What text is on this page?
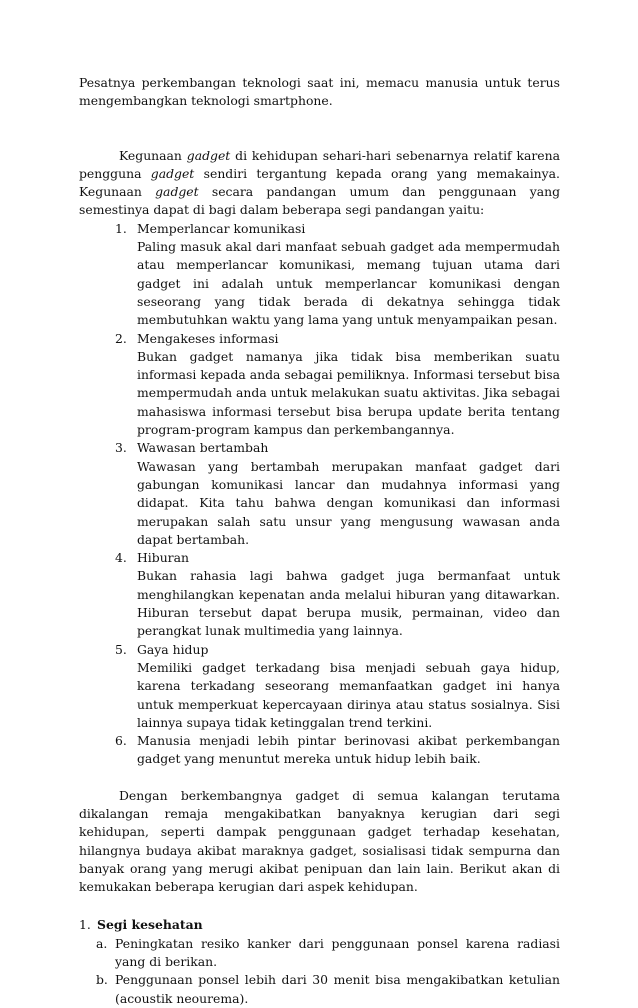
Pesatnya perkembangan teknologi saat ini, memacu manusia untuk terus mengembangkan teknologi smartphone.

Kegunaan gadget di kehidupan sehari-hari sebenarnya relatif karena pengguna gadget sendiri tergantung kepada orang yang memakainya. Kegunaan gadget secara pandangan umum dan penggunaan yang semestinya dapat di bagi dalam beberapa segi pandangan yaitu:

1. Memperlancar komunikasi
Paling masuk akal dari manfaat sebuah gadget ada mempermudah atau memperlancar komunikasi, memang tujuan utama dari gadget ini adalah untuk memperlancar komunikasi dengan seseorang yang tidak berada di dekatnya sehingga tidak membutuhkan waktu yang lama yang untuk menyampaikan pesan.
2. Mengakeses informasi
Bukan gadget namanya jika tidak bisa memberikan suatu informasi kepada anda sebagai pemiliknya. Informasi tersebut bisa mempermudah anda untuk melakukan suatu aktivitas. Jika sebagai mahasiswa informasi tersebut bisa berupa update berita tentang program-program kampus dan perkembangannya.
3. Wawasan bertambah
Wawasan yang bertambah merupakan manfaat gadget dari gabungan komunikasi lancar dan mudahnya informasi yang didapat. Kita tahu bahwa dengan komunikasi dan informasi merupakan salah satu unsur yang mengusung wawasan anda dapat bertambah.
4. Hiburan
Bukan rahasia lagi bahwa gadget juga bermanfaat untuk menghilangkan kepenatan anda melalui hiburan yang ditawarkan. Hiburan tersebut dapat berupa musik, permainan, video dan perangkat lunak multimedia yang lainnya.
5. Gaya hidup
Memiliki gadget terkadang bisa menjadi sebuah gaya hidup, karena terkadang seseorang memanfaatkan gadget ini hanya untuk memperkuat kepercayaan dirinya atau status sosialnya. Sisi lainnya supaya tidak ketinggalan trend terkini.
6. Manusia menjadi lebih pintar berinovasi akibat perkembangan gadget yang menuntut mereka untuk hidup lebih baik.

Dengan berkembangnya gadget di semua kalangan terutama dikalangan remaja mengakibatkan banyaknya kerugian dari segi kehidupan, seperti dampak penggunaan gadget terhadap kesehatan, hilangnya budaya akibat maraknya gadget, sosialisasi tidak sempurna dan banyak orang yang merugi akibat penipuan dan lain lain. Berikut akan di kemukakan beberapa kerugian dari aspek kehidupan.

1. Segi kesehatan
a. Peningkatan resiko kanker dari penggunaan ponsel karena radiasi yang di berikan.
b. Penggunaan ponsel lebih dari 30 menit bisa mengakibatkan ketulian (acoustik neourema).
